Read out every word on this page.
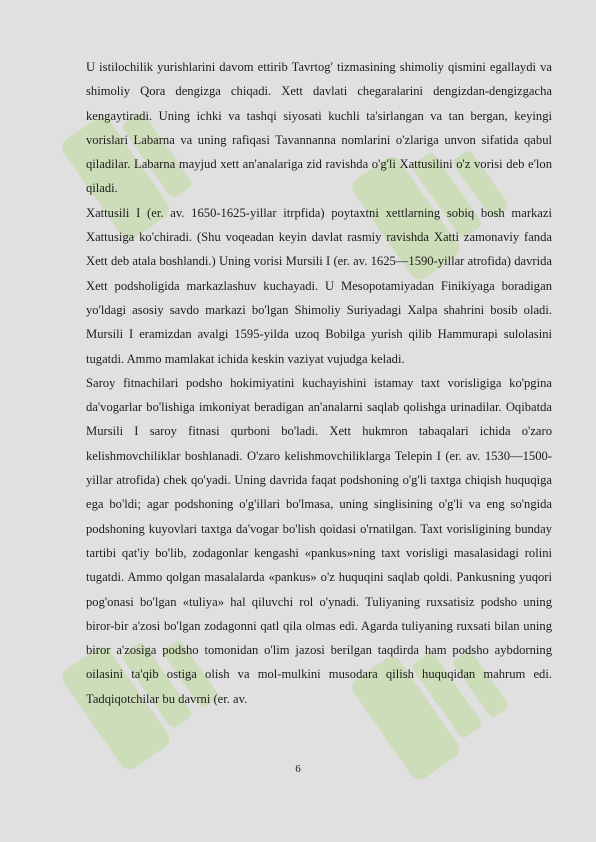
U istilochilik yurishlarini davom ettirib Tavrtog' tizmasining shimoliy qismini egallaydi va shimoliy Qora dengizga chiqadi. Xett davlati chegaralarini dengizdan-dengizgacha kengaytiradi. Uning ichki va tashqi siyosati kuchli ta'sirlangan va tan bergan, keyingi vorislari Labarna va uning rafiqasi Tavannanna nomlarini o'zlariga unvon sifatida qabul qiladilar. Labarna mayjud xett an'analariga zid ravishda o'g'li Xattusilini o'z vorisi deb e'lon qiladi.

Xattusili I (er. av. 1650-1625-yillar itrpfida) poytaxtni xettlarning sobiq bosh markazi Xattusiga ko'chiradi. (Shu voqeadan keyin davlat rasmiy ravishda Xatti zamonaviy fanda Xett deb atala boshlandi.) Uning vorisi Mursili I (er. av. 1625—1590-yillar atrofida) davrida Xett podsholigida markazlashuv kuchayadi. U Mesopotamiyadan Finikiyaga boradigan yo'ldagi asosiy savdo markazi bo'lgan Shimoliy Suriyadagi Xalpa shahrini bosib oladi. Mursili I eramizdan avalgi 1595-yilda uzoq Bobilga yurish qilib Hammurapi sulolasini tugatdi. Ammo mamlakat ichida keskin vaziyat vujudga keladi.

Saroy fitnachilari podsho hokimiyatini kuchayishini istamay taxt vorisligiga ko'pgina da'vogarlar bo'lishiga imkoniyat beradigan an'analarni saqlab qolishga urinadilar. Oqibatda Mursili I saroy fitnasi qurboni bo'ladi. Xett hukmron tabaqalari ichida o'zaro kelishmovchiliklar boshlanadi. O'zaro kelishmovchiliklarga Telepin I (er. av. 1530—1500- yillar atrofida) chek qo'yadi. Uning davrida faqat podshoning o'g'li taxtga chiqish huquqiga ega bo'ldi; agar podshoning o'g'illari bo'lmasa, uning singlisining o'g'li va eng so'ngida podshoning kuyovlari taxtga da'vogar bo'lish qoidasi o'rnatilgan. Taxt vorisligining bunday tartibi qat'iy bo'lib, zodagonlar kengashi «pankus»ning taxt vorisligi masalasidagi rolini tugatdi. Ammo qolgan masalalarda «pankus» o'z huquqini saqlab qoldi. Pankusning yuqori pog'onasi bo'lgan «tuliya» hal qiluvchi rol o'ynadi. Tuliyaning ruxsatisiz podsho uning biror-bir a'zosi bo'lgan zodagonni qatl qila olmas edi. Agarda tuliyaning ruxsati bilan uning biror a'zosiga podsho tomonidan o'lim jazosi berilgan taqdirda ham podsho aybdorning oilasini ta'qib ostiga olish va mol-mulkini musodara qilish huquqidan mahrum edi. Tadqiqotchilar bu davrni (er. av.

6
